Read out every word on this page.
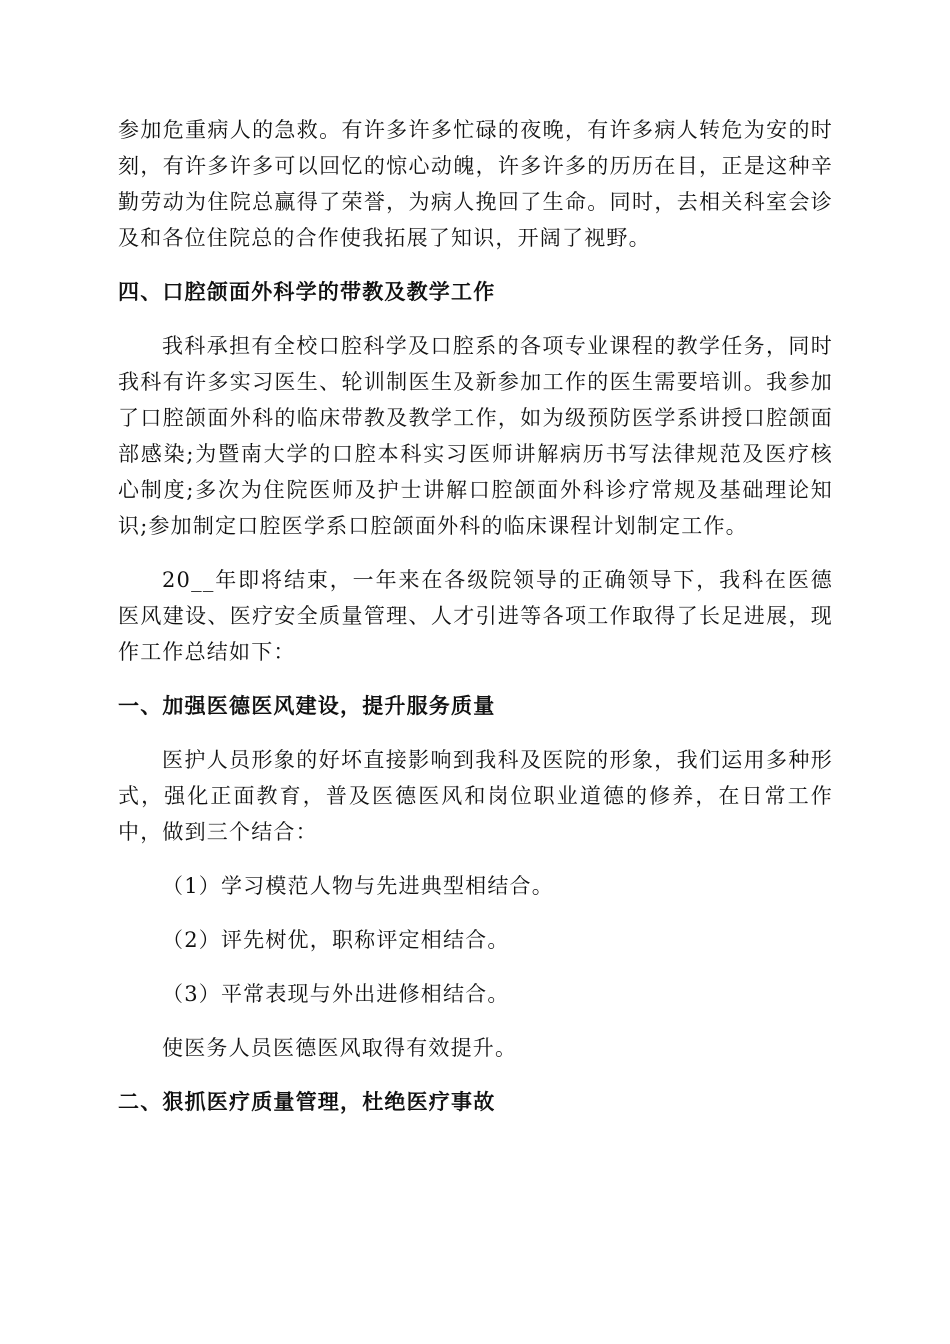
参加危重病人的急救。有许多许多忙碌的夜晚，有许多病人转危为安的时刻，有许多许多可以回忆的惊心动魄，许多许多的历历在目，正是这种辛勤劳动为住院总赢得了荣誉，为病人挽回了生命。同时，去相关科室会诊及和各位住院总的合作使我拓展了知识，开阔了视野。

四、口腔颌面外科学的带教及教学工作

我科承担有全校口腔科学及口腔系的各项专业课程的教学任务，同时我科有许多实习医生、轮训制医生及新参加工作的医生需要培训。我参加了口腔颌面外科的临床带教及教学工作，如为级预防医学系讲授口腔颌面部感染;为暨南大学的口腔本科实习医师讲解病历书写法律规范及医疗核心制度;多次为住院医师及护士讲解口腔颌面外科诊疗常规及基础理论知识;参加制定口腔医学系口腔颌面外科的临床课程计划制定工作。

20__年即将结束，一年来在各级院领导的正确领导下，我科在医德医风建设、医疗安全质量管理、人才引进等各项工作取得了长足进展，现作工作总结如下：

一、加强医德医风建设，提升服务质量

医护人员形象的好坏直接影响到我科及医院的形象，我们运用多种形式，强化正面教育，普及医德医风和岗位职业道德的修养，在日常工作中，做到三个结合：

（1）学习模范人物与先进典型相结合。

（2）评先树优，职称评定相结合。

（3）平常表现与外出进修相结合。

使医务人员医德医风取得有效提升。

二、狠抓医疗质量管理，杜绝医疗事故
